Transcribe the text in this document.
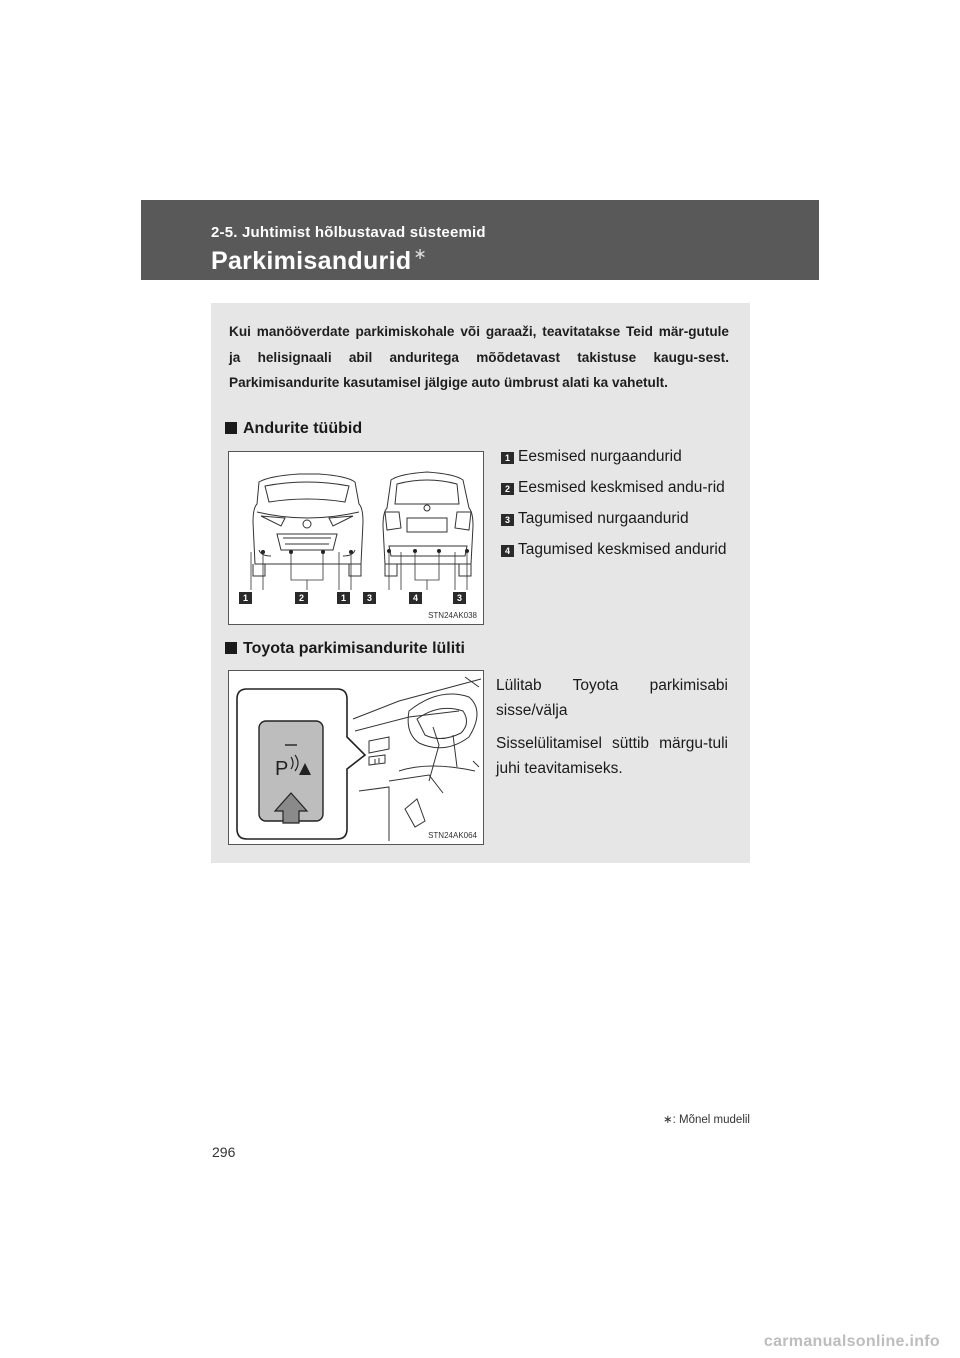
2-5. Juhtimist hõlbustavad süsteemid
Parkimisandurid ∗
Kui manööverdate parkimiskohale või garaaži, teavitatakse Teid mär-gutule ja helisignaali abil anduritega mõõdetavast takistuse kaugu-sest. Parkimisandurite kasutamisel jälgige auto ümbrust alati ka vahetult.
Andurite tüübid
1	2	1	3	4	3
STN24AK038
1 Eesmised nurgaandurid
2 Eesmised keskmised andu-rid
3 Tagumised nurgaandurid
4 Tagumised keskmised andurid
Toyota parkimisandurite lüliti
P
STN24AK064
Lülitab Toyota parkimisabi sisse/välja
Sisselülitamisel süttib märgu-tuli juhi teavitamiseks.
∗: Mõnel mudelil
296
carmanualsonline.info
